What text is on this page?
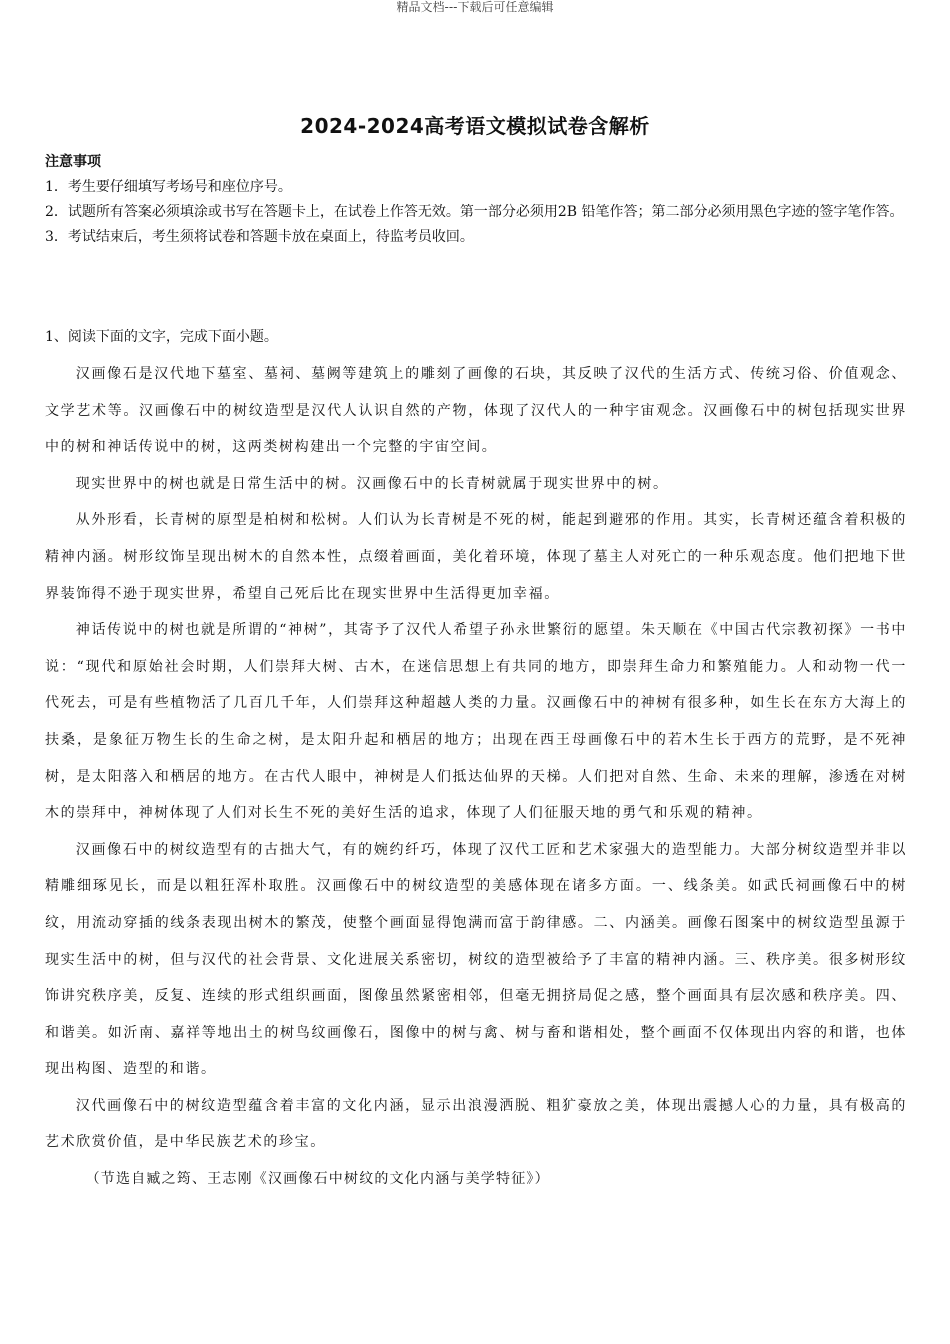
精品文档---下载后可任意编辑
2024-2024高考语文模拟试卷含解析

注意事项

1．考生要仔细填写考场号和座位序号。

2．试题所有答案必须填涂或书写在答题卡上，在试卷上作答无效。第一部分必须用2B 铅笔作答；第二部分必须用黑色字迹的签字笔作答。

3．考试结束后，考生须将试卷和答题卡放在桌面上，待监考员收回。

1、阅读下面的文字，完成下面小题。

汉画像石是汉代地下墓室、墓祠、墓阙等建筑上的雕刻了画像的石块，其反映了汉代的生活方式、传统习俗、价值观念、文学艺术等。汉画像石中的树纹造型是汉代人认识自然的产物，体现了汉代人的一种宇宙观念。汉画像石中的树包括现实世界中的树和神话传说中的树，这两类树构建出一个完整的宇宙空间。

现实世界中的树也就是日常生活中的树。汉画像石中的长青树就属于现实世界中的树。

从外形看，长青树的原型是柏树和松树。人们认为长青树是不死的树，能起到避邪的作用。其实，长青树还蕴含着积极的精神内涵。树形纹饰呈现出树木的自然本性，点缀着画面，美化着环境，体现了墓主人对死亡的一种乐观态度。他们把地下世界装饰得不逊于现实世界，希望自己死后比在现实世界中生活得更加幸福。

神话传说中的树也就是所谓的“神树”，其寄予了汉代人希望子孙永世繁衍的愿望。朱天顺在《中国古代宗教初探》一书中说：“现代和原始社会时期，人们崇拜大树、古木，在迷信思想上有共同的地方，即崇拜生命力和繁殖能力。人和动物一代一代死去，可是有些植物活了几百几千年，人们崇拜这种超越人类的力量。汉画像石中的神树有很多种，如生长在东方大海上的扶桑，是象征万物生长的生命之树，是太阳升起和栖居的地方；出现在西王母画像石中的若木生长于西方的荒野，是不死神树，是太阳落入和栖居的地方。在古代人眼中，神树是人们抵达仙界的天梯。人们把对自然、生命、未来的理解，渗透在对树木的崇拜中，神树体现了人们对长生不死的美好生活的追求，体现了人们征服天地的勇气和乐观的精神。

汉画像石中的树纹造型有的古拙大气，有的婉约纤巧，体现了汉代工匠和艺术家强大的造型能力。大部分树纹造型并非以精雕细琢见长，而是以粗狂浑朴取胜。汉画像石中的树纹造型的美感体现在诸多方面。一、线条美。如武氏祠画像石中的树纹，用流动穿插的线条表现出树木的繁茂，使整个画面显得饱满而富于韵律感。二、内涵美。画像石图案中的树纹造型虽源于现实生活中的树，但与汉代的社会背景、文化进展关系密切，树纹的造型被给予了丰富的精神内涵。三、秩序美。很多树形纹饰讲究秩序美，反复、连续的形式组织画面，图像虽然紧密相邻，但毫无拥挤局促之感，整个画面具有层次感和秩序美。四、和谐美。如沂南、嘉祥等地出土的树鸟纹画像石，图像中的树与禽、树与畜和谐相处，整个画面不仅体现出内容的和谐，也体现出构图、造型的和谐。

汉代画像石中的树纹造型蕴含着丰富的文化内涵，显示出浪漫洒脱、粗犷豪放之美，体现出震撼人心的力量，具有极高的艺术欣赏价值，是中华民族艺术的珍宝。

（节选自臧之筠、王志刚《汉画像石中树纹的文化内涵与美学特征》）
